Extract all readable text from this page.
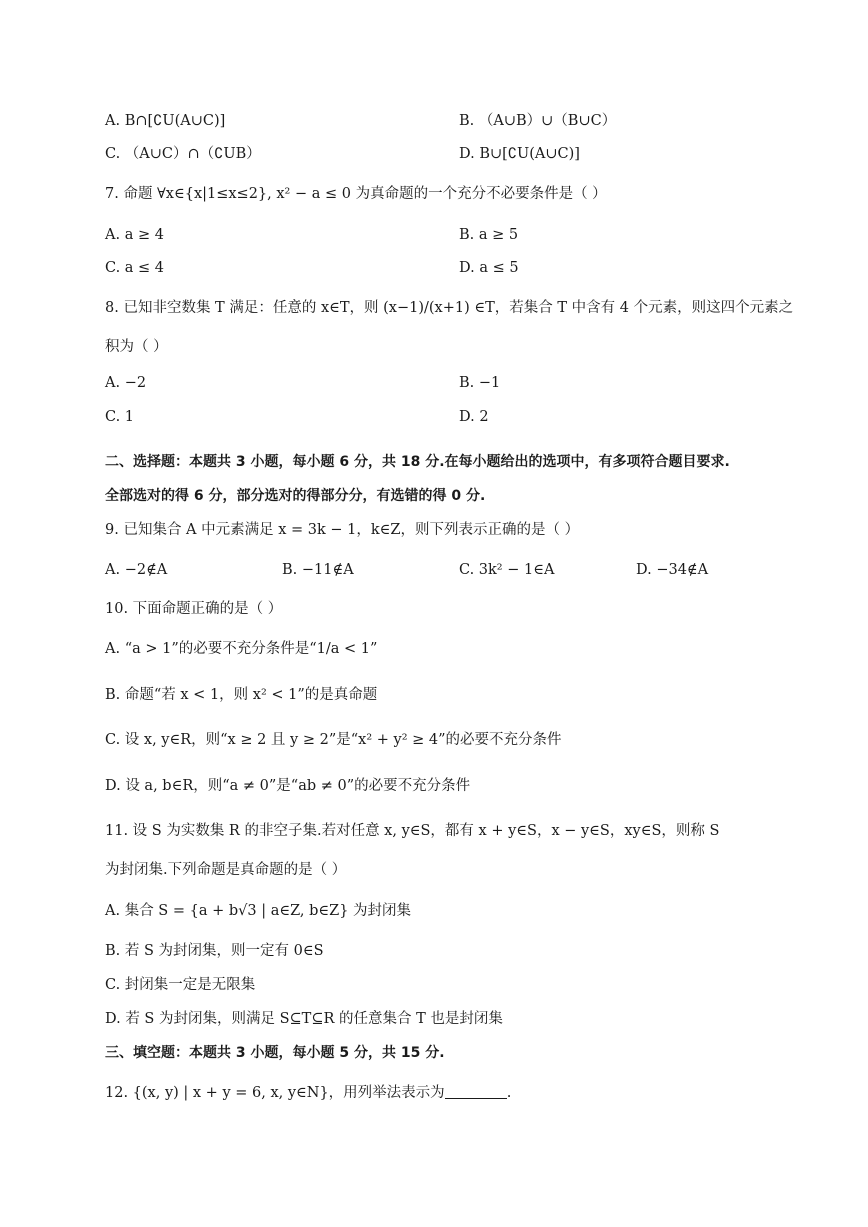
A. B∩[∁U(A∪C)]	B. （A∪B）∪（B∪C）
C. （A∪C）∩（∁UB）	D. B∪[∁U(A∪C)]
7. 命题 ∀x∈{x|1≤x≤2}, x² − a ≤ 0 为真命题的一个充分不必要条件是（ ）
A. a ≥ 4	B. a ≥ 5
C. a ≤ 4	D. a ≤ 5
8. 已知非空数集 T 满足：任意的 x∈T，则 (x−1)/(x+1) ∈T，若集合 T 中含有 4 个元素，则这四个元素之
积为（ ）
A. −2	B. −1
C. 1	D. 2
二、选择题：本题共 3 小题，每小题 6 分，共 18 分.在每小题给出的选项中，有多项符合题目要求.
全部选对的得 6 分，部分选对的得部分分，有选错的得 0 分.
9. 已知集合 A 中元素满足 x = 3k − 1，k∈Z，则下列表示正确的是（ ）
A. −2∉A	B. −11∉A	C. 3k² − 1∈A	D. −34∉A
10. 下面命题正确的是（ ）
A. “a > 1”的必要不充分条件是“1/a < 1”
B. 命题“若 x < 1，则 x² < 1”的是真命题
C. 设 x, y∈R，则“x ≥ 2 且 y ≥ 2”是“x² + y² ≥ 4”的必要不充分条件
D. 设 a, b∈R，则“a ≠ 0”是“ab ≠ 0”的必要不充分条件
11. 设 S 为实数集 R 的非空子集.若对任意 x, y∈S，都有 x + y∈S，x − y∈S，xy∈S，则称 S
为封闭集.下列命题是真命题的是（ ）
A. 集合 S = {a + b√3 | a∈Z, b∈Z} 为封闭集
B. 若 S 为封闭集，则一定有 0∈S
C. 封闭集一定是无限集
D. 若 S 为封闭集，则满足 S⊆T⊆R 的任意集合 T 也是封闭集
三、填空题：本题共 3 小题，每小题 5 分，共 15 分.
12. {(x, y) | x + y = 6, x, y∈N}，用列举法表示为	.
